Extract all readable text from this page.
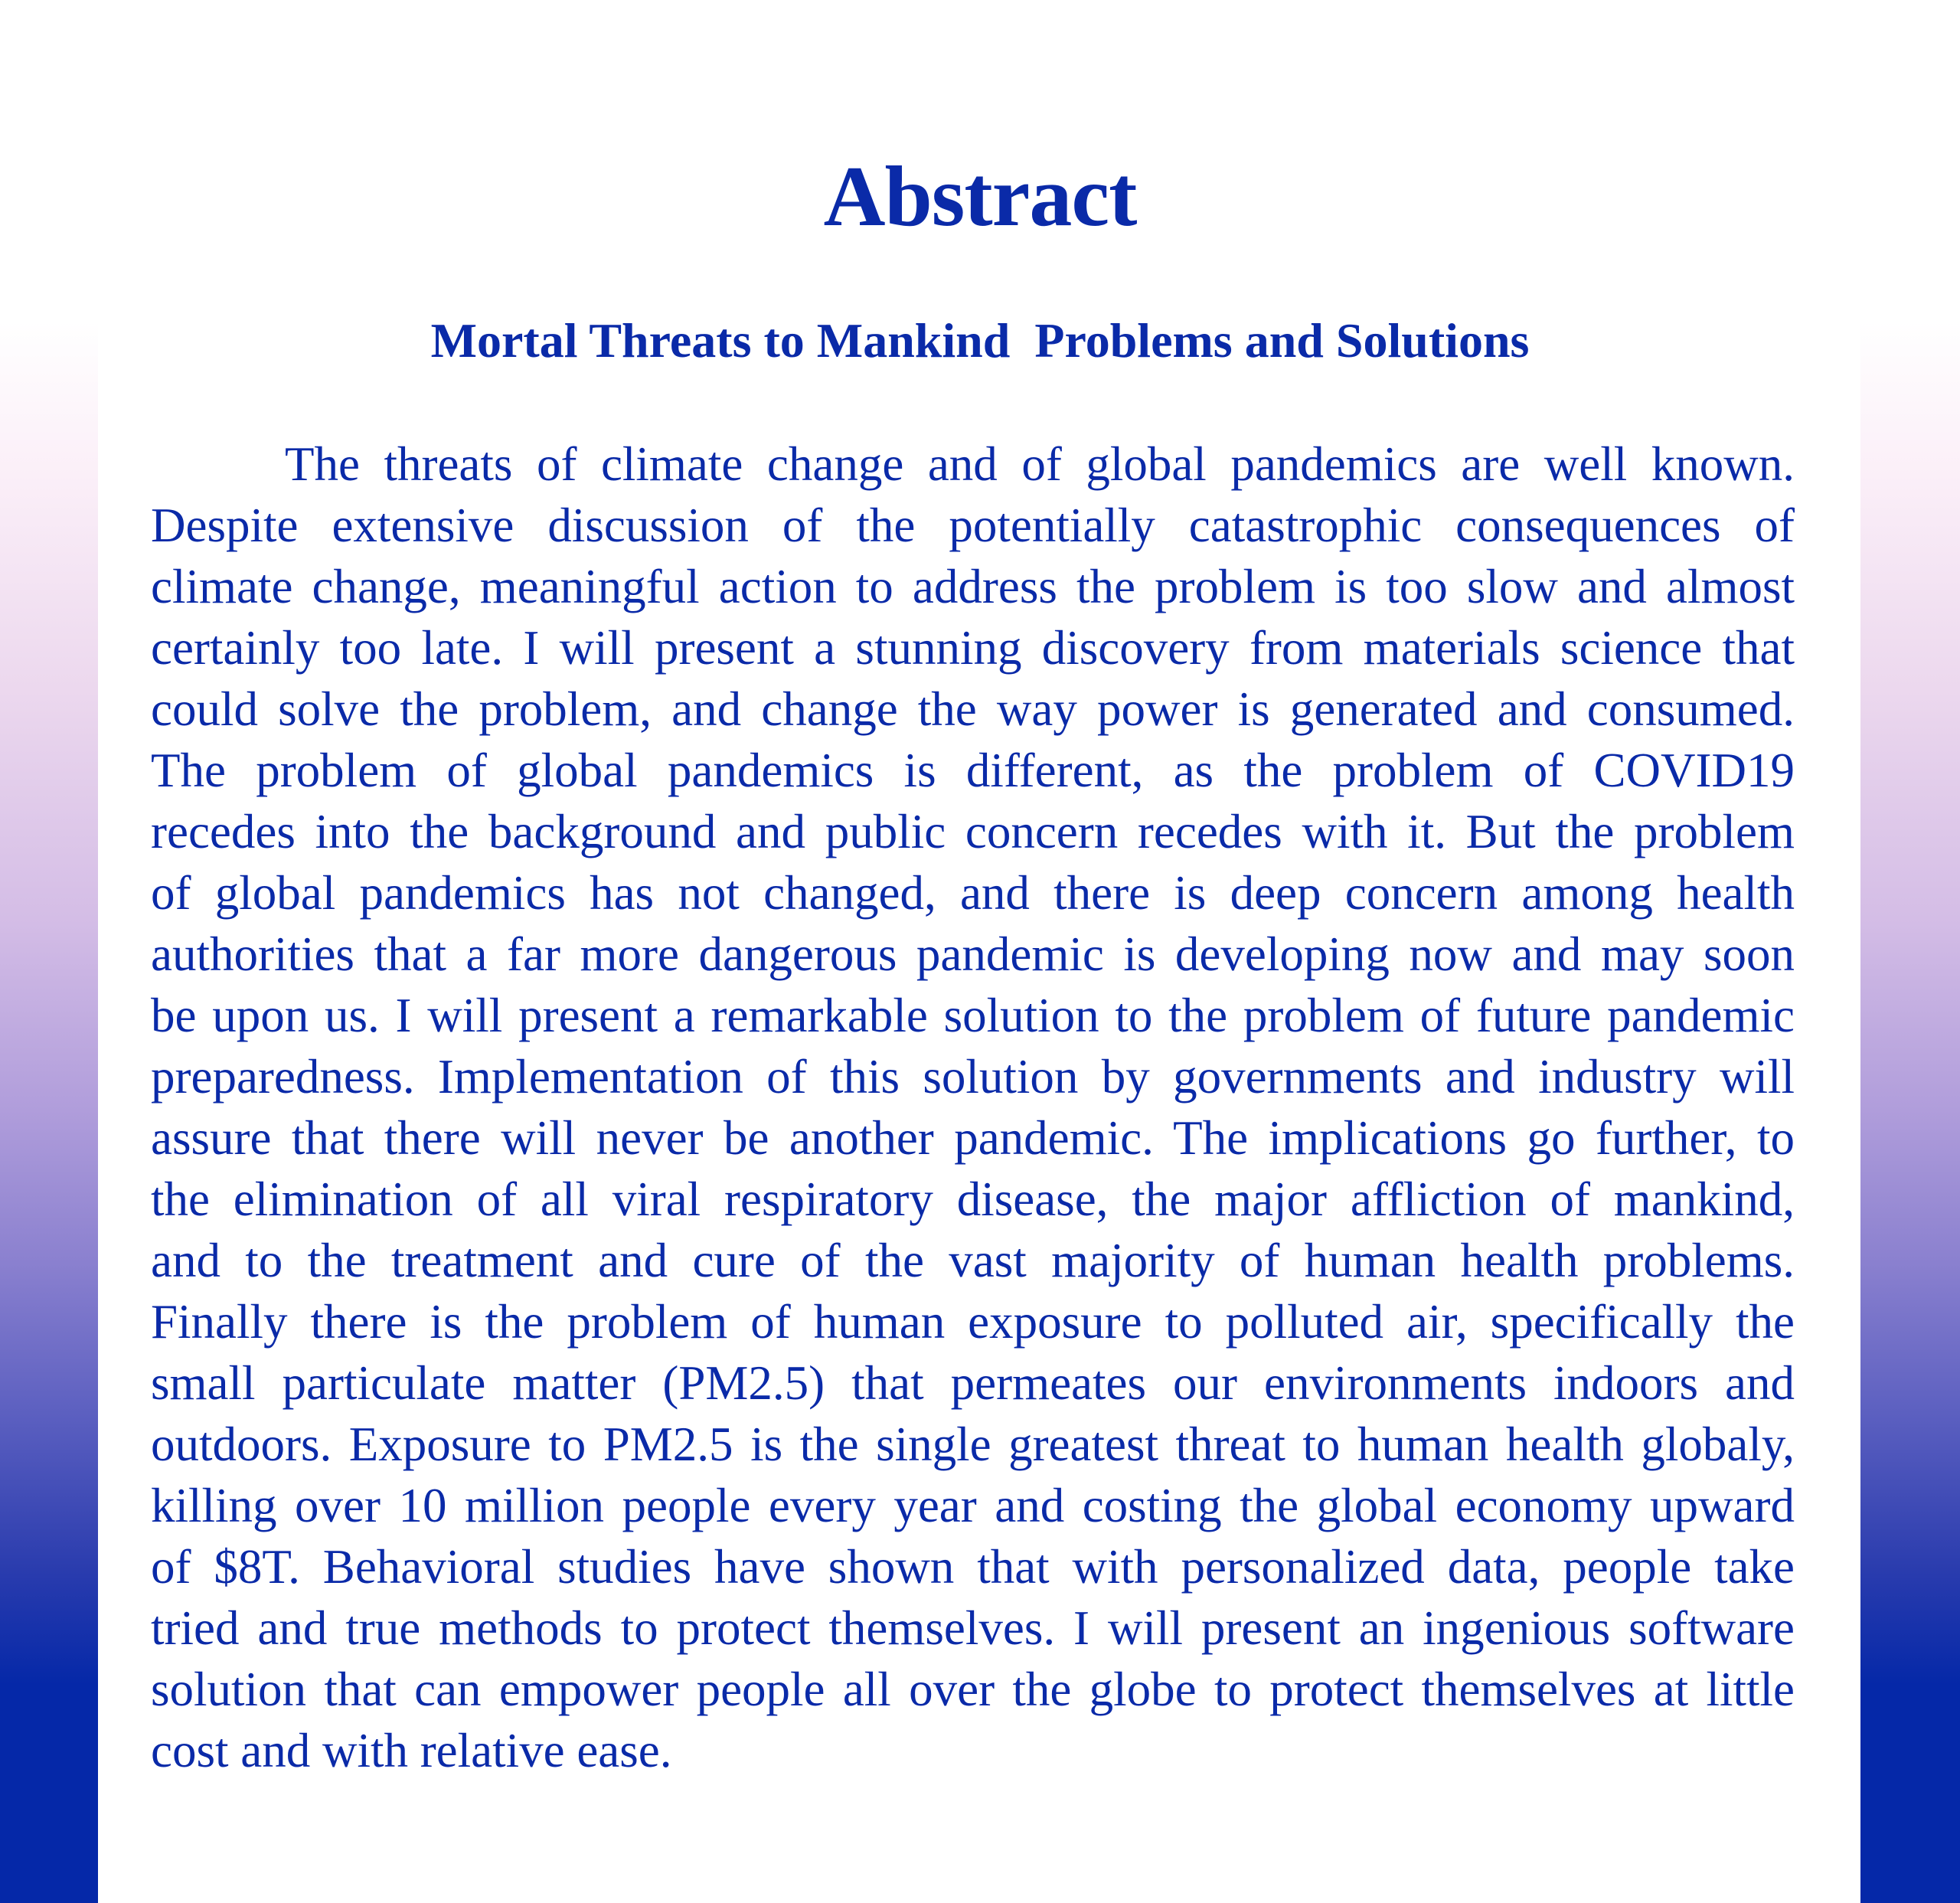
Abstract
Mortal Threats to Mankind  Problems and Solutions
The threats of climate change and of global pandemics are well known.
Despite extensive discussion of the potentially catastrophic consequences of
climate change, meaningful action to address the problem is too slow and almost
certainly too late. I will present a stunning discovery from materials science that
could solve the problem, and change the way power is generated and consumed.
The problem of global pandemics is different, as the problem of COVID19
recedes into the background and public concern recedes with it. But the problem
of global pandemics has not changed, and there is deep concern among health
authorities that a far more dangerous pandemic is developing now and may soon
be upon us. I will present a remarkable solution to the problem of future pandemic
preparedness. Implementation of this solution by governments and industry will
assure that there will never be another pandemic. The implications go further, to
the elimination of all viral respiratory disease, the major affliction of mankind,
and to the treatment and cure of the vast majority of human health problems.
Finally there is the problem of human exposure to polluted air, specifically the
small particulate matter (PM2.5) that permeates our environments indoors and
outdoors. Exposure to PM2.5 is the single greatest threat to human health globaly,
killing over 10 million people every year and costing the global economy upward
of $8T. Behavioral studies have shown that with personalized data, people take
tried and true methods to protect themselves. I will present an ingenious software
solution that can empower people all over the globe to protect themselves at little
cost and with relative ease.
